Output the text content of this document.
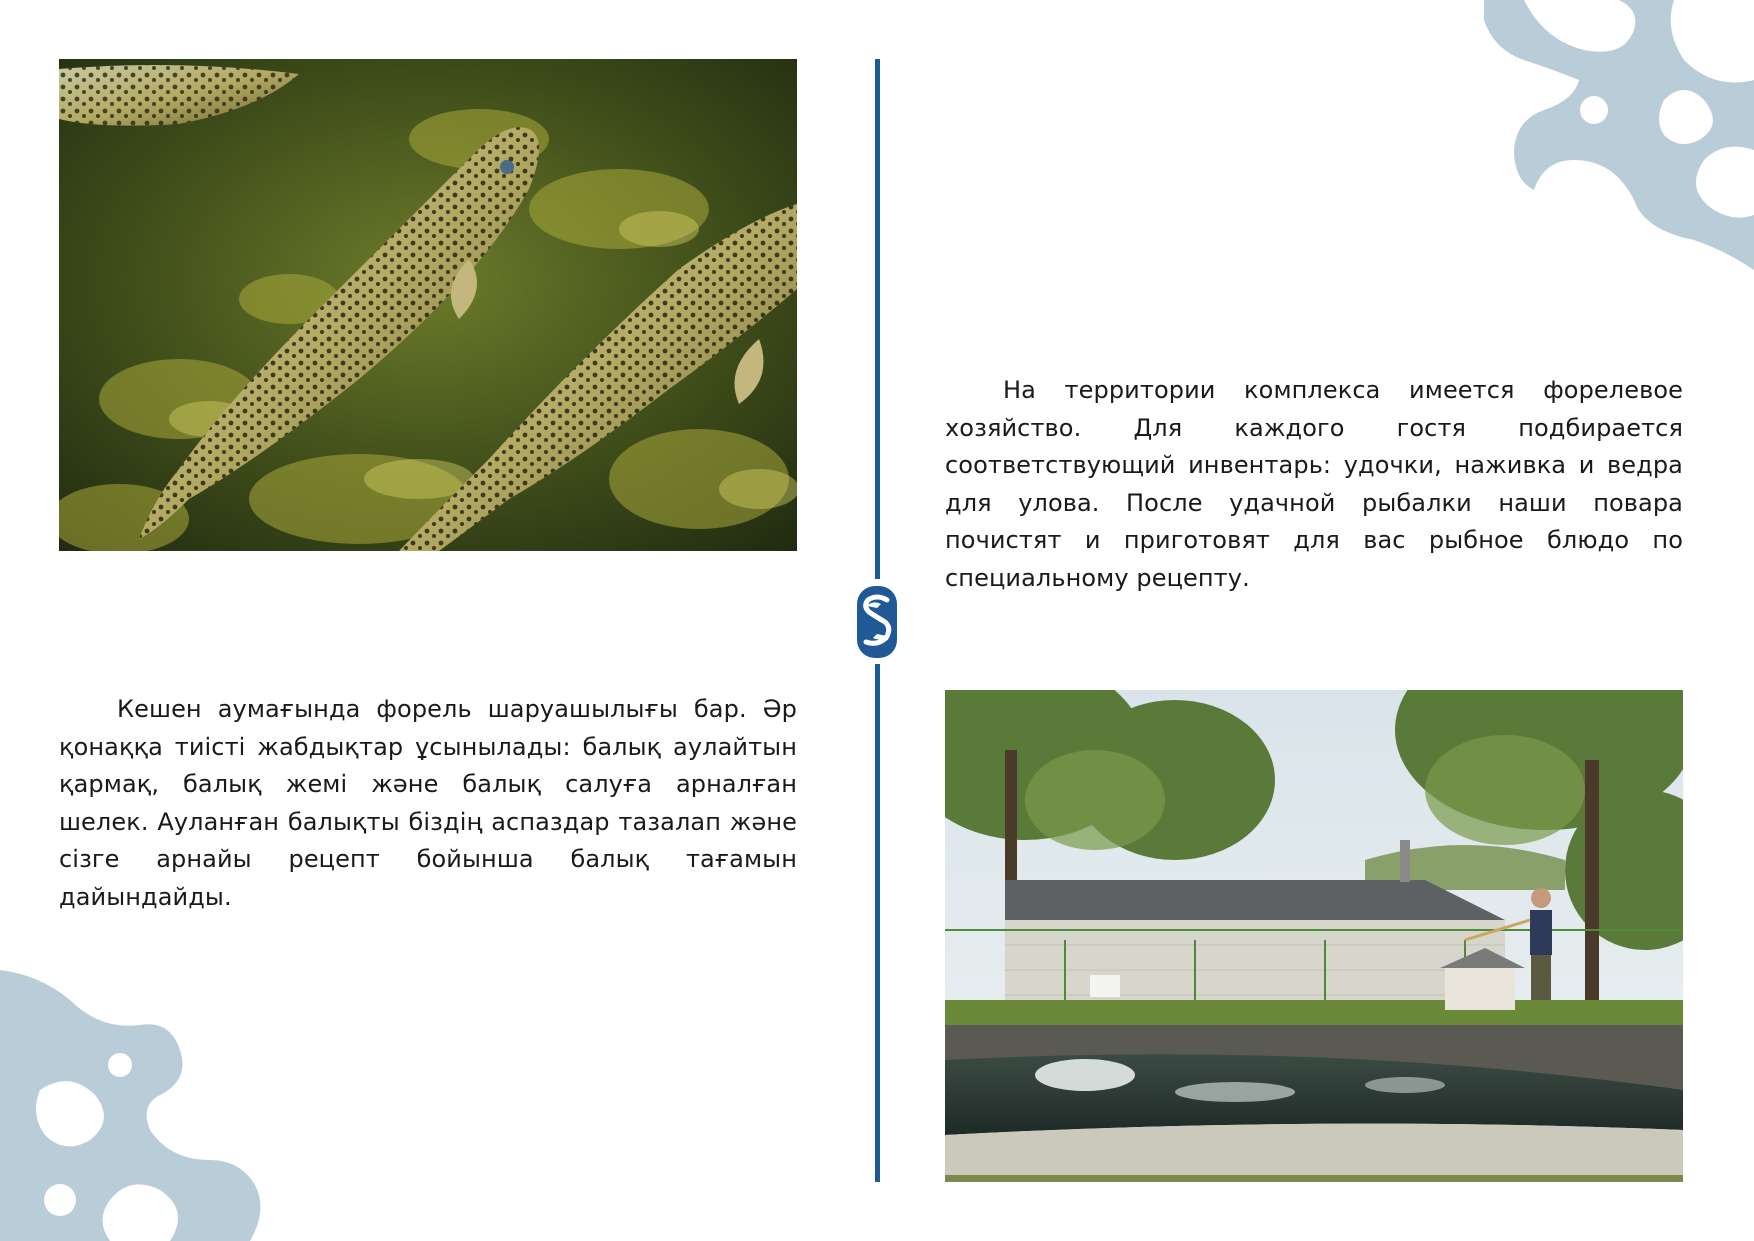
На территории комплекса имеется форелевое хозяйство. Для каждого гостя подбирается соответствующий инвентарь: удочки, наживка и ведра для улова. После удачной рыбалки наши повара почистят и приготовят для вас рыбное блюдо по специальному рецепту.
Кешен аумағында форель шаруашылығы бар. Әр қонаққа тиісті жабдықтар ұсынылады: балық аулайтын қармақ, балық жемі және балық салуға арналған шелек. Ауланған балықты біздің аспаздар тазалап және сізге арнайы рецепт бойынша балық тағамын дайындайды.
